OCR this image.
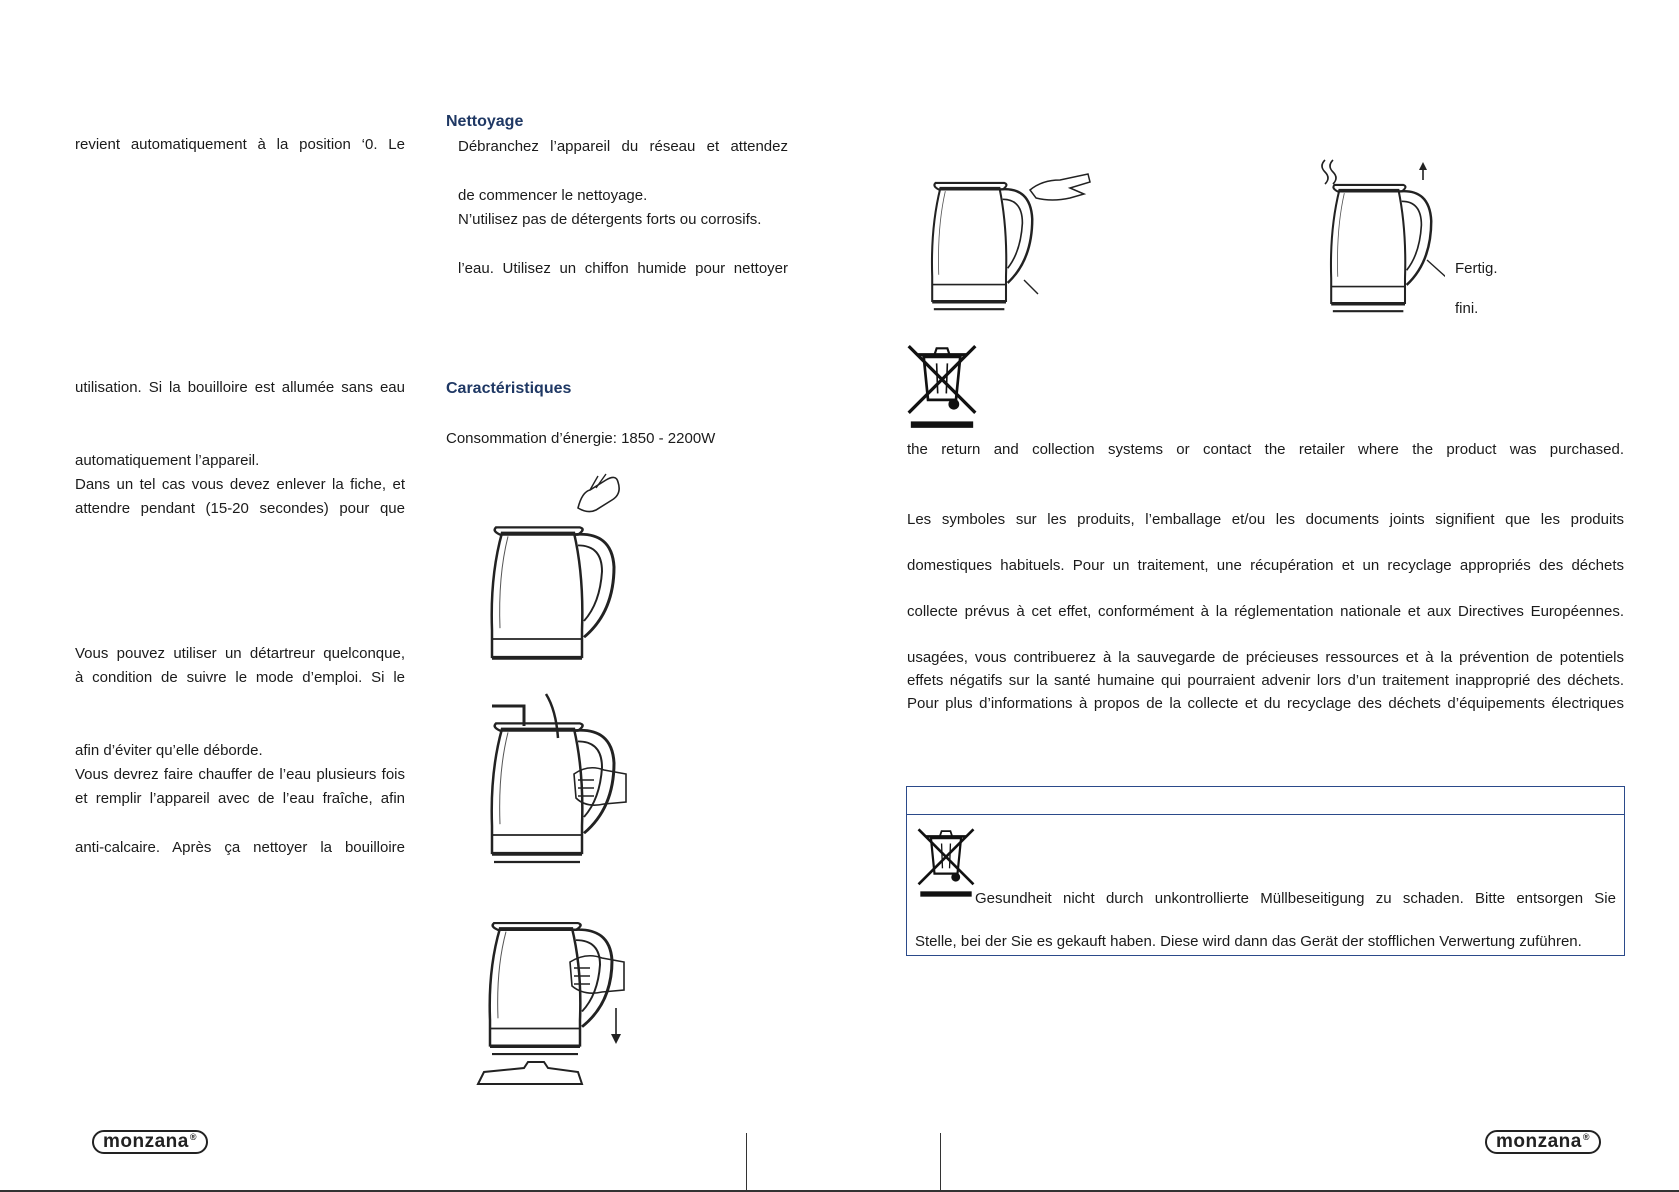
revient automatiquement à la position ‘0. Le
utilisation. Si la bouilloire est allumée sans eau
automatiquement l’appareil.
Dans un tel cas vous devez enlever la fiche, et
attendre pendant (15-20 secondes) pour que
Vous pouvez utiliser un détartreur quelconque,
à condition de suivre le mode d’emploi. Si le
afin d’éviter qu’elle déborde.
Vous devrez faire chauffer de l’eau plusieurs fois
et remplir l’appareil avec de l’eau fraîche, afin
anti-calcaire. Après ça nettoyer la bouilloire
Nettoyage
Débranchez l’appareil du réseau et attendez
de commencer le nettoyage.
N’utilisez pas de détergents forts ou corrosifs.
l’eau. Utilisez un chiffon humide pour nettoyer
Caractéristiques
Consommation d’énergie: 1850 - 2200W
Fertig.
fini.
the return and collection systems or contact the retailer where the product was purchased.
Les symboles sur les produits, l’emballage et/ou les documents joints signifient que les produits
domestiques habituels. Pour un traitement, une récupération et un recyclage appropriés des déchets
collecte prévus à cet effet, conformément à la réglementation nationale et aux Directives Européennes.
usagées, vous contribuerez à la sauvegarde de précieuses ressources et à la prévention de potentiels
effets négatifs sur la santé humaine qui pourraient advenir lors d’un traitement inapproprié des déchets.
Pour plus d’informations à propos de la collecte et du recyclage des déchets d’équipements électriques
Gesundheit nicht durch unkontrollierte Müllbeseitigung zu schaden. Bitte entsorgen Sie
Stelle, bei der Sie es gekauft haben. Diese wird dann das Gerät der stofflichen Verwertung zuführen.
monzana®	monzana®
